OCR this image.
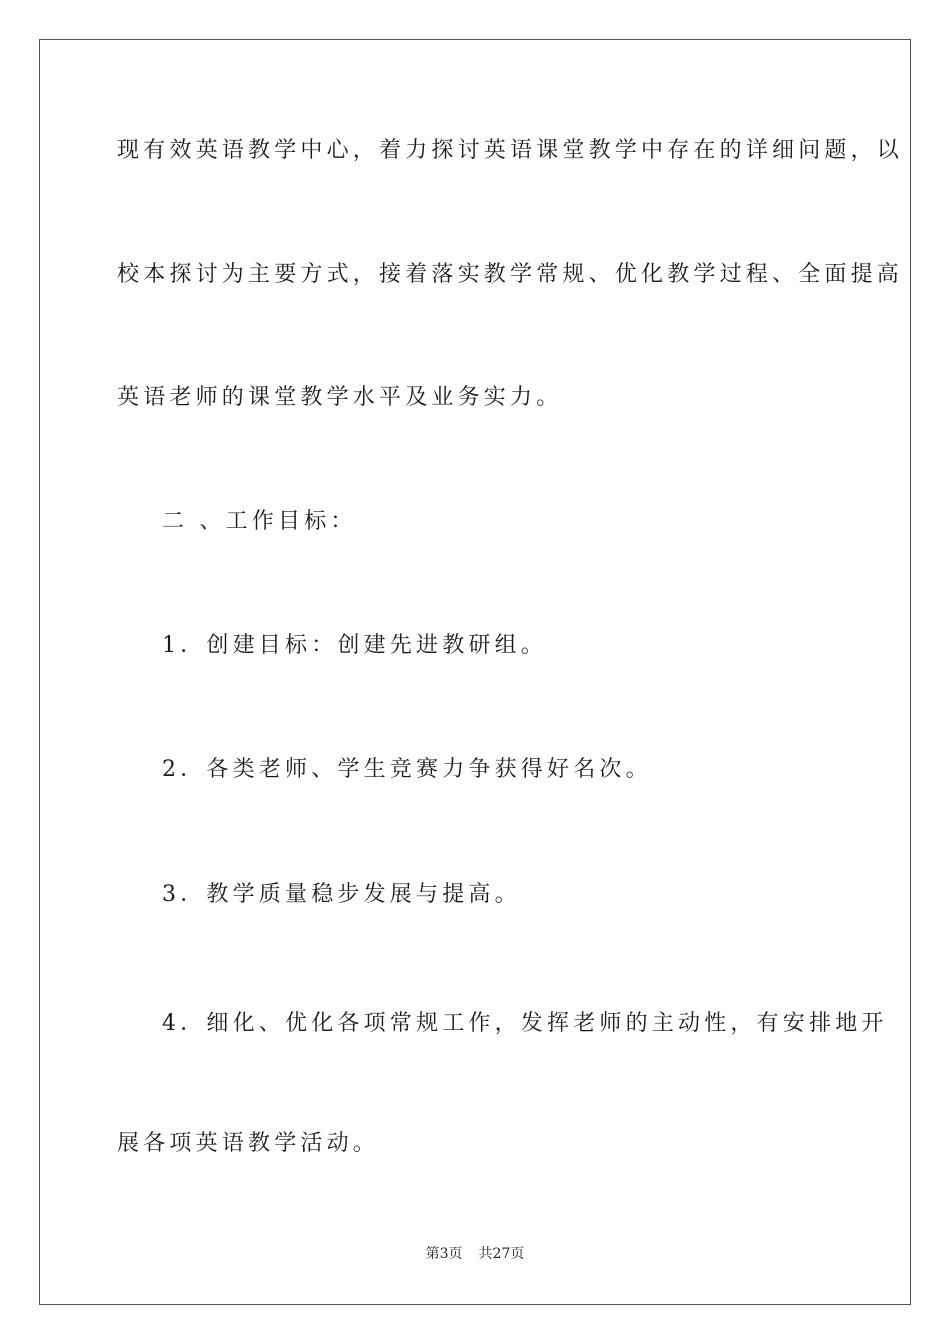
现有效英语教学中心，着力探讨英语课堂教学中存在的详细问题，以
校本探讨为主要方式，接着落实教学常规、优化教学过程、全面提高
英语老师的课堂教学水平及业务实力。
二 、工作目标：
1．创建目标：创建先进教研组。
2．各类老师、学生竞赛力争获得好名次。
3．教学质量稳步发展与提高。
4．细化、优化各项常规工作，发挥老师的主动性，有安排地开
展各项英语教学活动。
第3页 共27页
